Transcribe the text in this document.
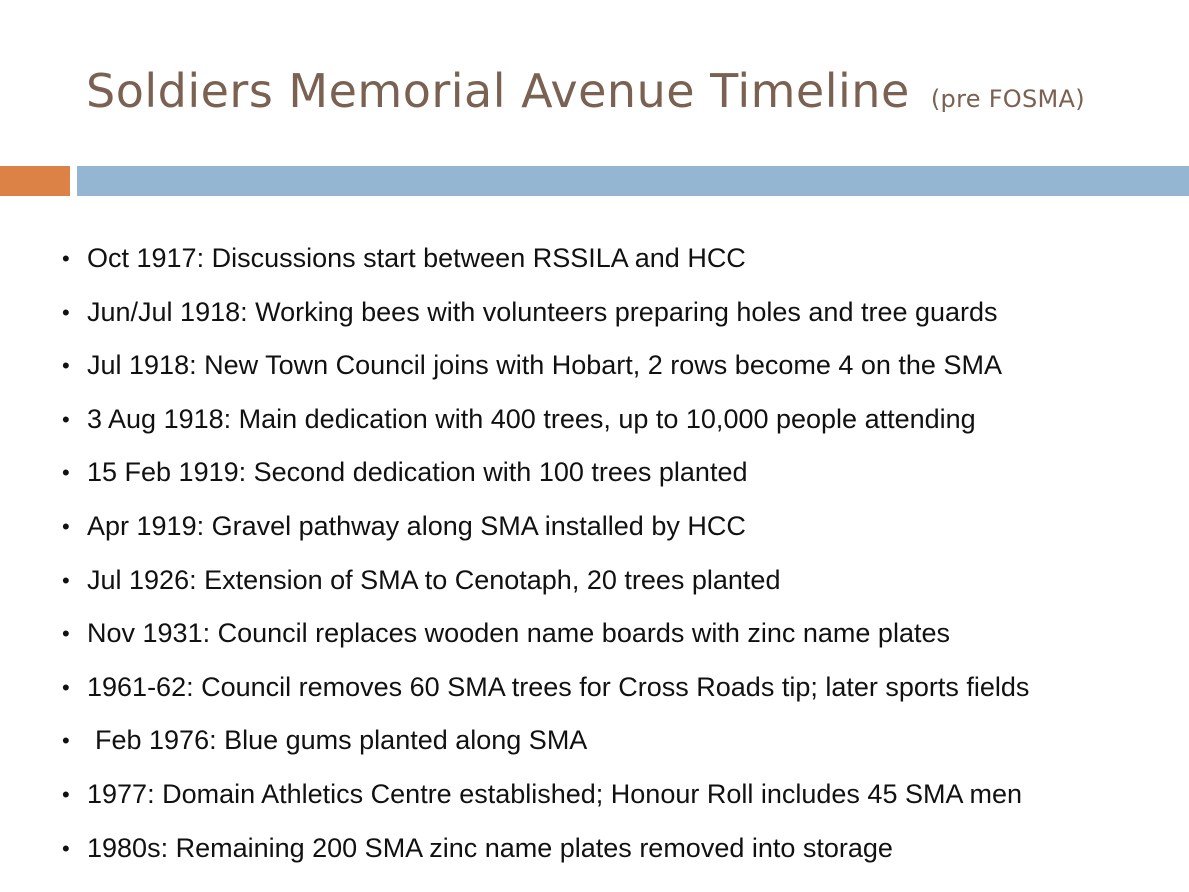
Soldiers Memorial Avenue Timeline (pre FOSMA)
• Oct 1917: Discussions start between RSSILA and HCC
• Jun/Jul 1918: Working bees with volunteers preparing holes and tree guards
• Jul 1918: New Town Council joins with Hobart, 2 rows become 4 on the SMA
• 3 Aug 1918: Main dedication with 400 trees, up to 10,000 people attending
• 15 Feb 1919: Second dedication with 100 trees planted
• Apr 1919: Gravel pathway along SMA installed by HCC
• Jul 1926: Extension of SMA to Cenotaph, 20 trees planted
• Nov 1931: Council replaces wooden name boards with zinc name plates
• 1961-62: Council removes 60 SMA trees for Cross Roads tip; later sports fields
• Feb 1976: Blue gums planted along SMA
• 1977: Domain Athletics Centre established; Honour Roll includes 45 SMA men
• 1980s: Remaining 200 SMA zinc name plates removed into storage
